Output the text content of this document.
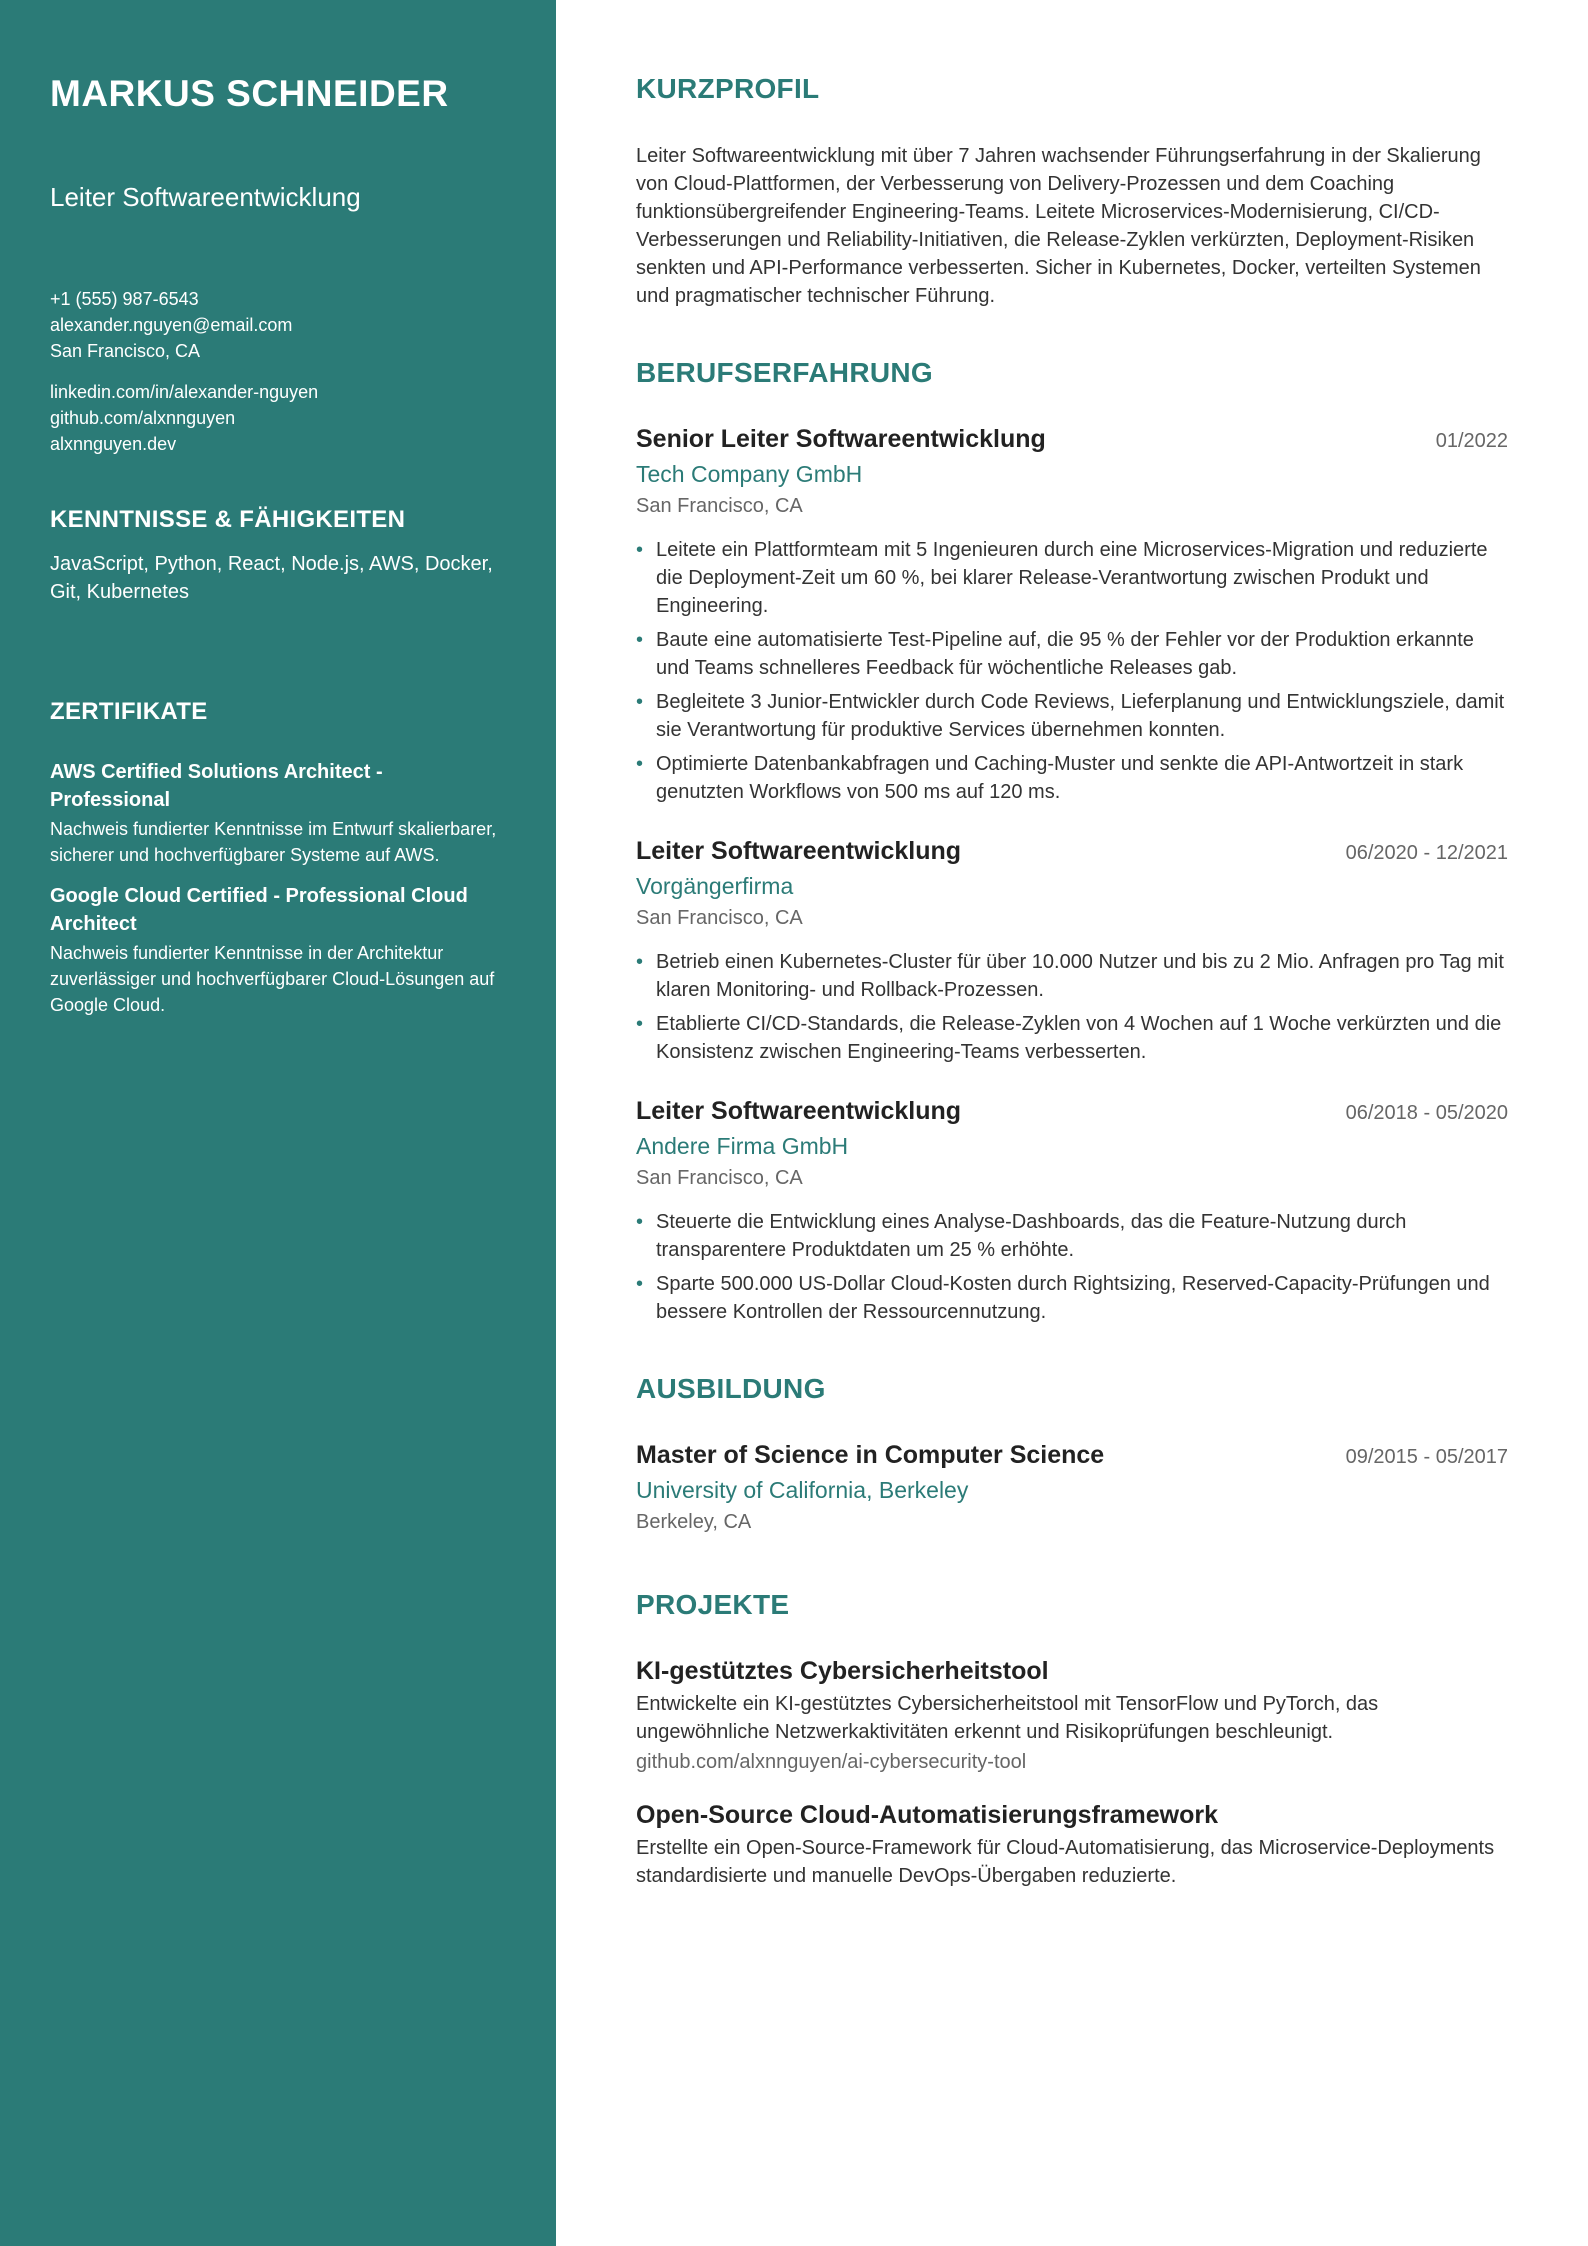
MARKUS SCHNEIDER
Leiter Softwareentwicklung
+1 (555) 987-6543
alexander.nguyen@email.com
San Francisco, CA
linkedin.com/in/alexander-nguyen
github.com/alxnnguyen
alxnnguyen.dev
KENNTNISSE & FÄHIGKEITEN
JavaScript, Python, React, Node.js, AWS, Docker, Git, Kubernetes
ZERTIFIKATE
AWS Certified Solutions Architect - Professional
Nachweis fundierter Kenntnisse im Entwurf skalierbarer, sicherer und hochverfügbarer Systeme auf AWS.
Google Cloud Certified - Professional Cloud Architect
Nachweis fundierter Kenntnisse in der Architektur zuverlässiger und hochverfügbarer Cloud-Lösungen auf Google Cloud.
KURZPROFIL
Leiter Softwareentwicklung mit über 7 Jahren wachsender Führungserfahrung in der Skalierung von Cloud-Plattformen, der Verbesserung von Delivery-Prozessen und dem Coaching funktionsübergreifender Engineering-Teams. Leitete Microservices-Modernisierung, CI/CD-Verbesserungen und Reliability-Initiativen, die Release-Zyklen verkürzten, Deployment-Risiken senkten und API-Performance verbesserten. Sicher in Kubernetes, Docker, verteilten Systemen und pragmatischer technischer Führung.
BERUFSERFAHRUNG
Senior Leiter Softwareentwicklung	01/2022
Tech Company GmbH
San Francisco, CA
• Leitete ein Plattformteam mit 5 Ingenieuren durch eine Microservices-Migration und reduzierte die Deployment-Zeit um 60 %, bei klarer Release-Verantwortung zwischen Produkt und Engineering.
• Baute eine automatisierte Test-Pipeline auf, die 95 % der Fehler vor der Produktion erkannte und Teams schnelleres Feedback für wöchentliche Releases gab.
• Begleitete 3 Junior-Entwickler durch Code Reviews, Lieferplanung und Entwicklungsziele, damit sie Verantwortung für produktive Services übernehmen konnten.
• Optimierte Datenbankabfragen und Caching-Muster und senkte die API-Antwortzeit in stark genutzten Workflows von 500 ms auf 120 ms.
Leiter Softwareentwicklung	06/2020 - 12/2021
Vorgängerfirma
San Francisco, CA
• Betrieb einen Kubernetes-Cluster für über 10.000 Nutzer und bis zu 2 Mio. Anfragen pro Tag mit klaren Monitoring- und Rollback-Prozessen.
• Etablierte CI/CD-Standards, die Release-Zyklen von 4 Wochen auf 1 Woche verkürzten und die Konsistenz zwischen Engineering-Teams verbesserten.
Leiter Softwareentwicklung	06/2018 - 05/2020
Andere Firma GmbH
San Francisco, CA
• Steuerte die Entwicklung eines Analyse-Dashboards, das die Feature-Nutzung durch transparentere Produktdaten um 25 % erhöhte.
• Sparte 500.000 US-Dollar Cloud-Kosten durch Rightsizing, Reserved-Capacity-Prüfungen und bessere Kontrollen der Ressourcennutzung.
AUSBILDUNG
Master of Science in Computer Science	09/2015 - 05/2017
University of California, Berkeley
Berkeley, CA
PROJEKTE
KI-gestütztes Cybersicherheitstool
Entwickelte ein KI-gestütztes Cybersicherheitstool mit TensorFlow und PyTorch, das ungewöhnliche Netzwerkaktivitäten erkennt und Risikoprüfungen beschleunigt.
github.com/alxnnguyen/ai-cybersecurity-tool
Open-Source Cloud-Automatisierungsframework
Erstellte ein Open-Source-Framework für Cloud-Automatisierung, das Microservice-Deployments standardisierte und manuelle DevOps-Übergaben reduzierte.
